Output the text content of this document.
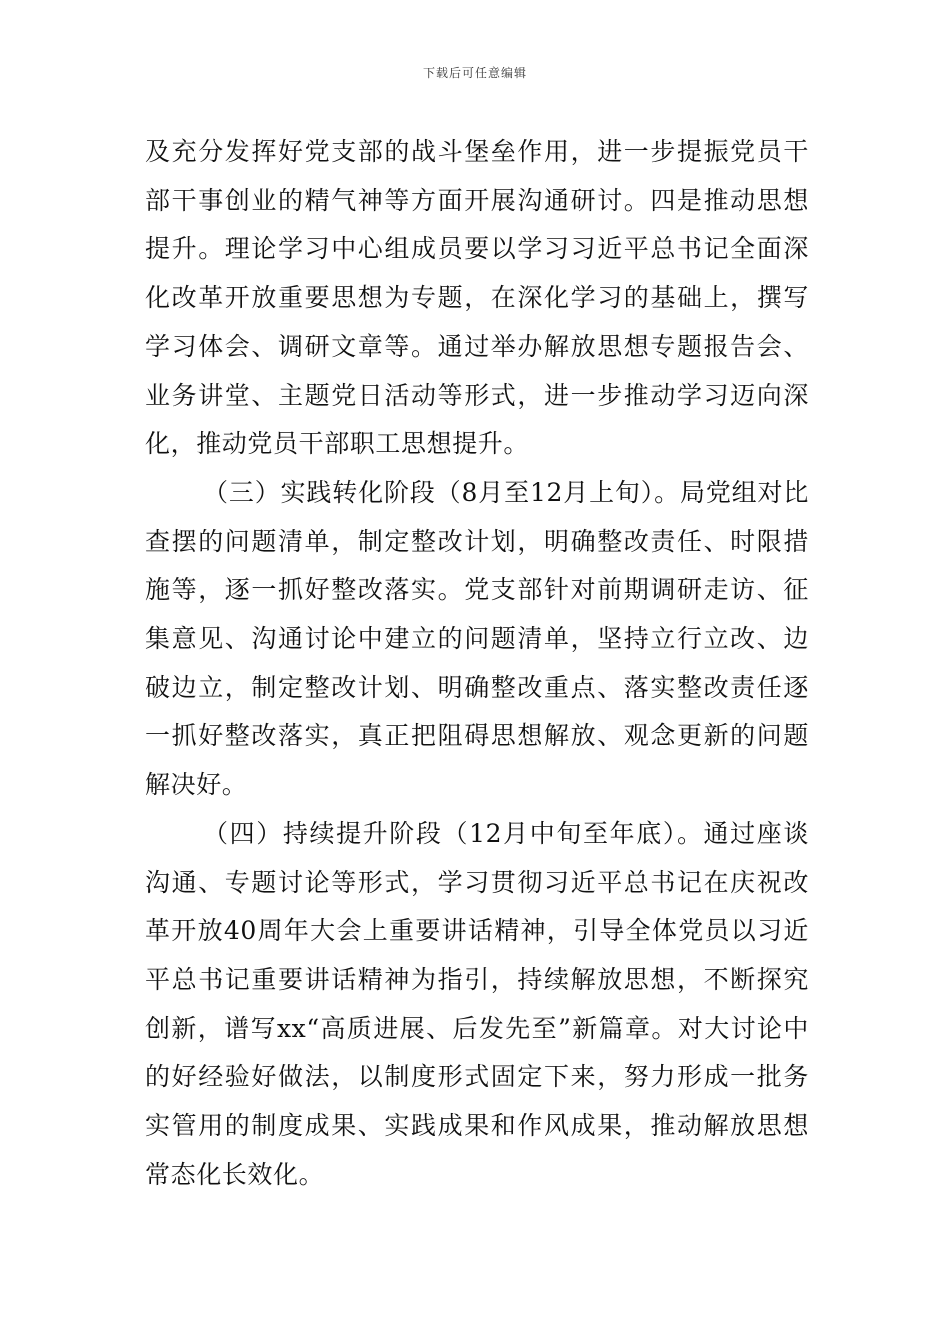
下载后可任意编辑

及充分发挥好党支部的战斗堡垒作用，进一步提振党员干部干事创业的精气神等方面开展沟通研讨。四是推动思想提升。理论学习中心组成员要以学习习近平总书记全面深化改革开放重要思想为专题，在深化学习的基础上，撰写学习体会、调研文章等。通过举办解放思想专题报告会、业务讲堂、主题党日活动等形式，进一步推动学习迈向深化，推动党员干部职工思想提升。

（三）实践转化阶段（8月至12月上旬）。局党组对比查摆的问题清单，制定整改计划，明确整改责任、时限措施等，逐一抓好整改落实。党支部针对前期调研走访、征集意见、沟通讨论中建立的问题清单，坚持立行立改、边破边立，制定整改计划、明确整改重点、落实整改责任逐一抓好整改落实，真正把阻碍思想解放、观念更新的问题解决好。

（四）持续提升阶段（12月中旬至年底）。通过座谈沟通、专题讨论等形式，学习贯彻习近平总书记在庆祝改革开放40周年大会上重要讲话精神，引导全体党员以习近平总书记重要讲话精神为指引，持续解放思想，不断探究创新，谱写xx“高质进展、后发先至”新篇章。对大讨论中的好经验好做法，以制度形式固定下来，努力形成一批务实管用的制度成果、实践成果和作风成果，推动解放思想常态化长效化。
